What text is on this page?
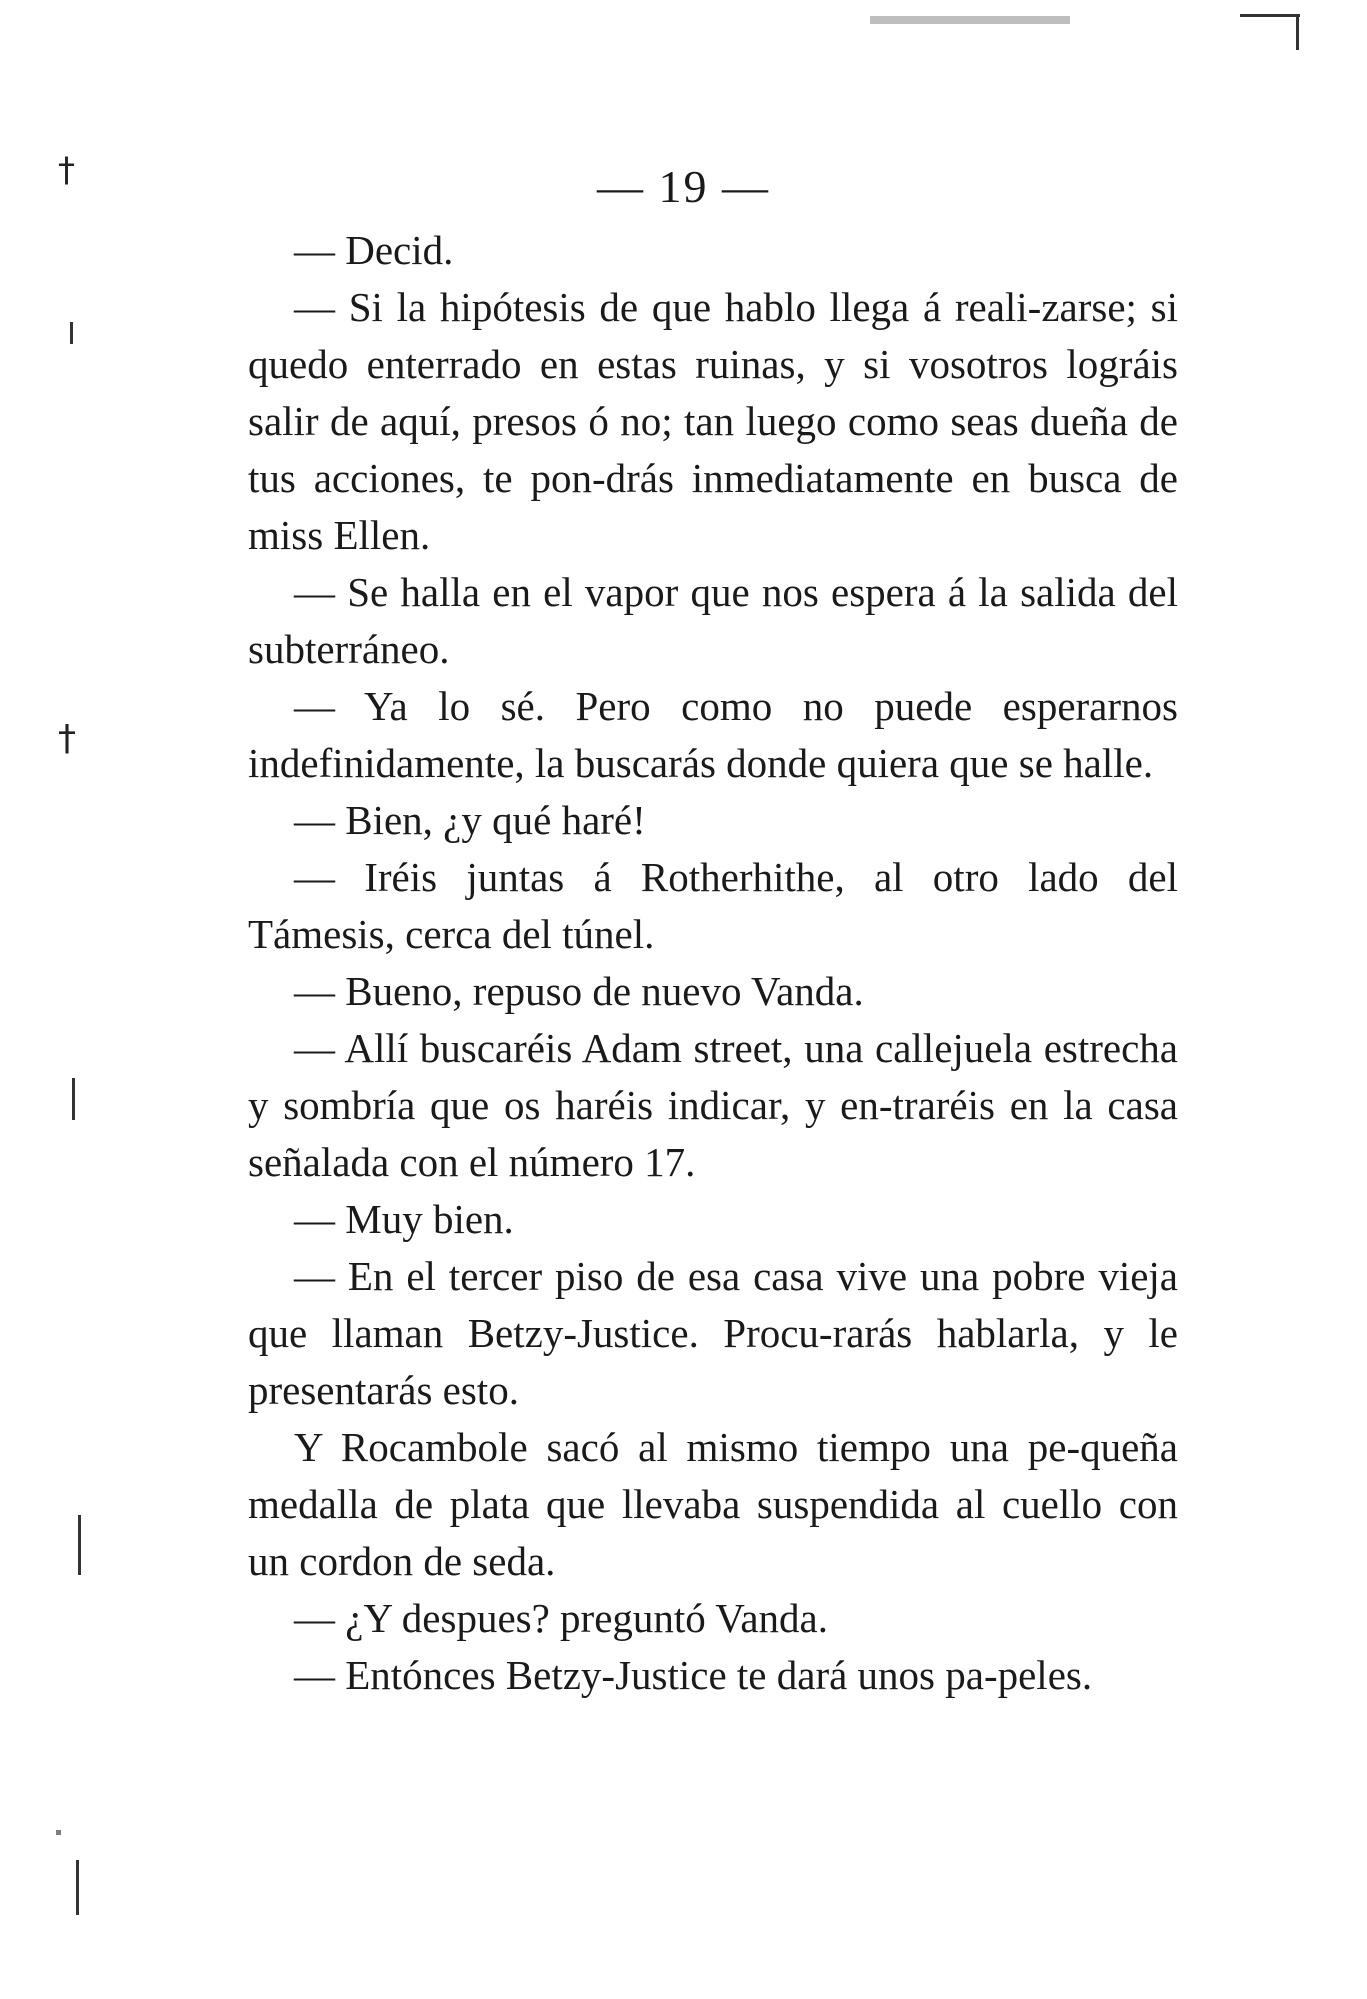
†
†
— 19 —

— Decid.

— Si la hipótesis de que hablo llega á reali-zarse; si quedo enterrado en estas ruinas, y si vosotros lográis salir de aquí, presos ó no; tan luego como seas dueña de tus acciones, te pon-drás inmediatamente en busca de miss Ellen.

— Se halla en el vapor que nos espera á la salida del subterráneo.

— Ya lo sé. Pero como no puede esperarnos indefinidamente, la buscarás donde quiera que se halle.

— Bien, ¿y qué haré!

— Iréis juntas á Rotherhithe, al otro lado del Támesis, cerca del túnel.

— Bueno, repuso de nuevo Vanda.

— Allí buscaréis Adam street, una callejuela estrecha y sombría que os haréis indicar, y en-traréis en la casa señalada con el número 17.

— Muy bien.

— En el tercer piso de esa casa vive una pobre vieja que llaman Betzy-Justice. Procu-rarás hablarla, y le presentarás esto.

Y Rocambole sacó al mismo tiempo una pe-queña medalla de plata que llevaba suspendida al cuello con un cordon de seda.

— ¿Y despues? preguntó Vanda.

— Entónces Betzy-Justice te dará unos pa-peles.
